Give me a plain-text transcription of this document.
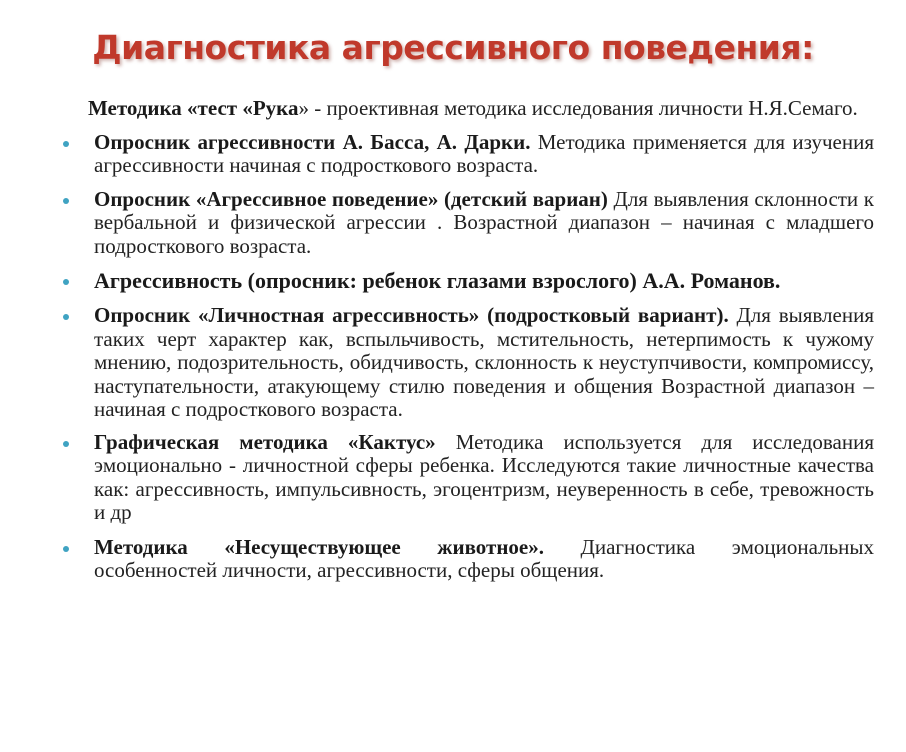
Диагностика агрессивного поведения:

Методика «тест «Рука» - проективная методика исследования личности Н.Я.Семаго.

Опросник агрессивности А. Басса, А. Дарки. Методика применяется для изучения агрессивности начиная с подросткового возраста.

Опросник «Агрессивное поведение» (детский вариан) Для выявления склонности к вербальной и физической агрессии . Возрастной диапазон – начиная с младшего подросткового возраста.

Агрессивность (опросник: ребенок глазами взрослого) А.А. Романов.

Опросник «Личностная агрессивность» (подростковый вариант). Для выявления таких черт характер как, вспыльчивость, мстительность, нетерпимость к чужому мнению, подозрительность, обидчивость, склонность к неуступчивости, компромиссу, наступательности, атакующему стилю поведения и общения Возрастной диапазон – начиная с подросткового возраста.

Графическая методика «Кактус» Методика используется для исследования эмоционально - личностной сферы ребенка. Исследуются такие личностные качества как: агрессивность, импульсивность, эгоцентризм, неуверенность в себе, тревожность и др

Методика «Несуществующее животное». Диагностика эмоциональных особенностей личности, агрессивности, сферы общения.
